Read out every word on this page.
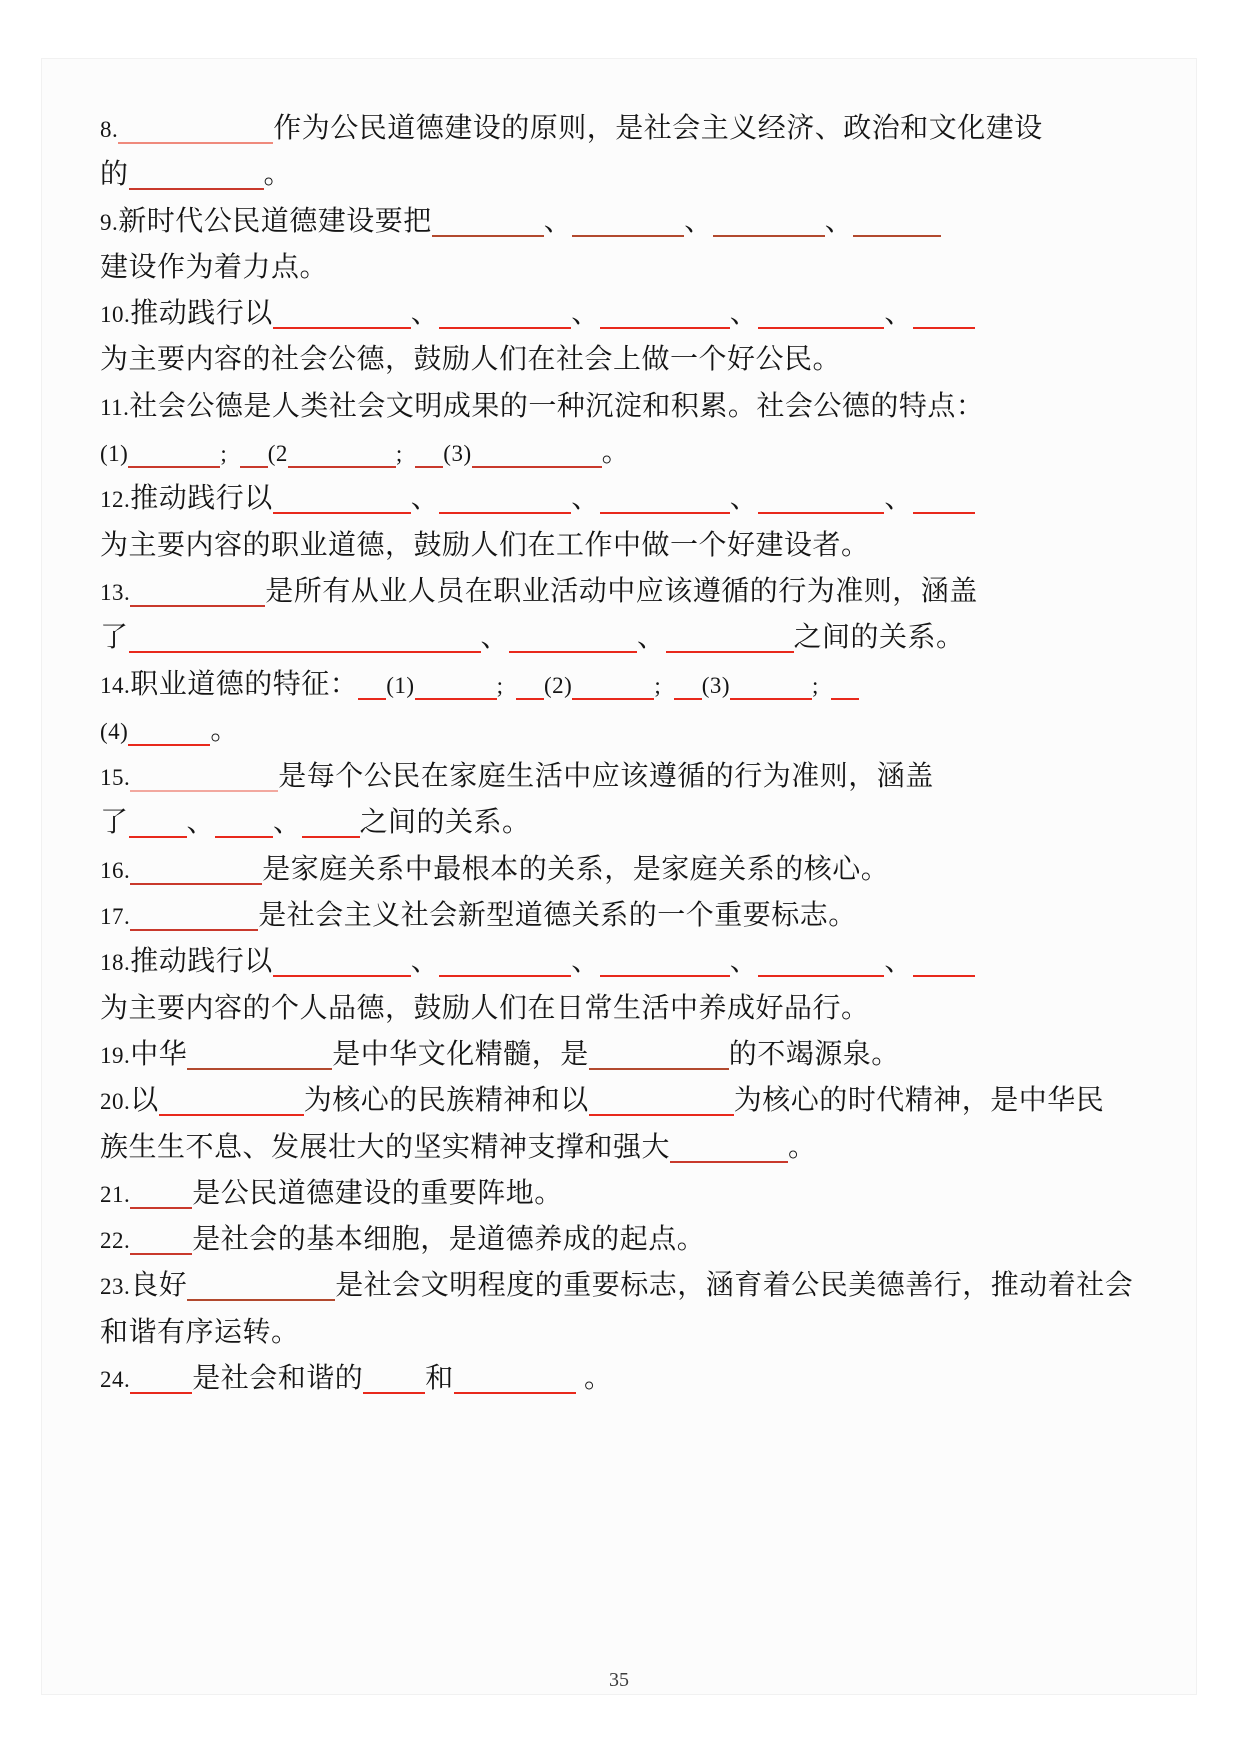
8.	作为公民道德建设的原则，是社会主义经济、政治和文化建设
的	。
9.新时代公民道德建设要把	、	、	、
建设作为着力点。
10.推动践行以	、	、	、	、
为主要内容的社会公德，鼓励人们在社会上做一个好公民。
11.社会公德是人类社会文明成果的一种沉淀和积累。社会公德的特点：
(1)	;  (2	;  (3)	。
12.推动践行以	、	、	、	、
为主要内容的职业道德，鼓励人们在工作中做一个好建设者。
13.	是所有从业人员在职业活动中应该遵循的行为准则，涵盖
了	、	、	之间的关系。
14.职业道德的特征： (1)	;  (2)	;  (3)	;
(4)	。
15.	是每个公民在家庭生活中应该遵循的行为准则，涵盖
了 、 、 之间的关系。
16.	是家庭关系中最根本的关系，是家庭关系的核心。
17.	是社会主义社会新型道德关系的一个重要标志。
18.推动践行以	、	、	、	、
为主要内容的个人品德，鼓励人们在日常生活中养成好品行。
19.中华	是中华文化精髓，是	的不竭源泉。
20.以	为核心的民族精神和以	为核心的时代精神，是中华民
族生生不息、发展壮大的坚实精神支撑和强大	。
21. 是公民道德建设的重要阵地。
22. 是社会的基本细胞，是道德养成的起点。
23.良好	是社会文明程度的重要标志，涵育着公民美德善行，推动着社会
和谐有序运转。
24. 是社会和谐的 和	。
35
